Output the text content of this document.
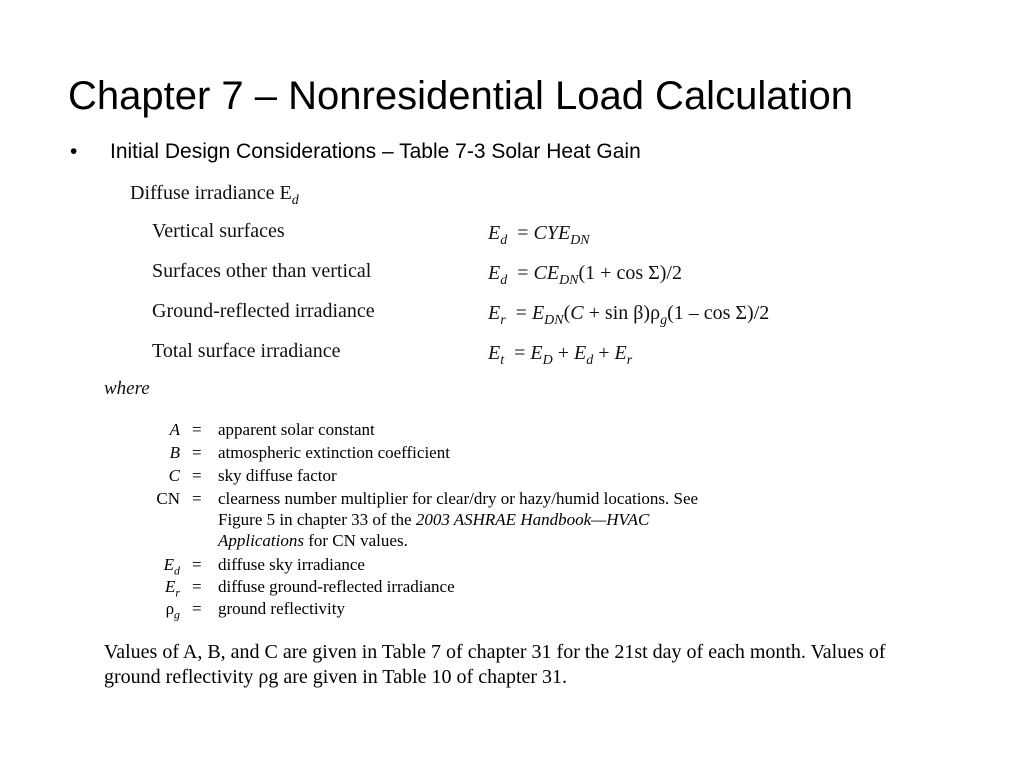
Chapter 7 – Nonresidential Load Calculation
• Initial Design Considerations – Table 7-3 Solar Heat Gain
Diffuse irradiance $E_d$
Vertical surfaces	$E_d = CYE_{DN}$
Surfaces other than vertical	$E_d = CE_{DN}(1 + \cos \Sigma)/2$
Ground-reflected irradiance	$E_r = E_{DN}(C + \sin \beta)\rho_g(1 - \cos \Sigma)/2$
Total surface irradiance	$E_t = E_D + E_d + E_r$
where
A = apparent solar constant
B = atmospheric extinction coefficient
C = sky diffuse factor
CN = clearness number multiplier for clear/dry or hazy/humid locations. See
Figure 5 in chapter 33 of the 2003 ASHRAE Handbook—HVAC
Applications for CN values.
$E_d$ = diffuse sky irradiance
$E_r$ = diffuse ground-reflected irradiance
$\rho_g$ = ground reflectivity
Values of A, B, and C are given in Table 7 of chapter 31 for the 21st day of each month. Values of ground reflectivity ρg are given in Table 10 of chapter 31.
